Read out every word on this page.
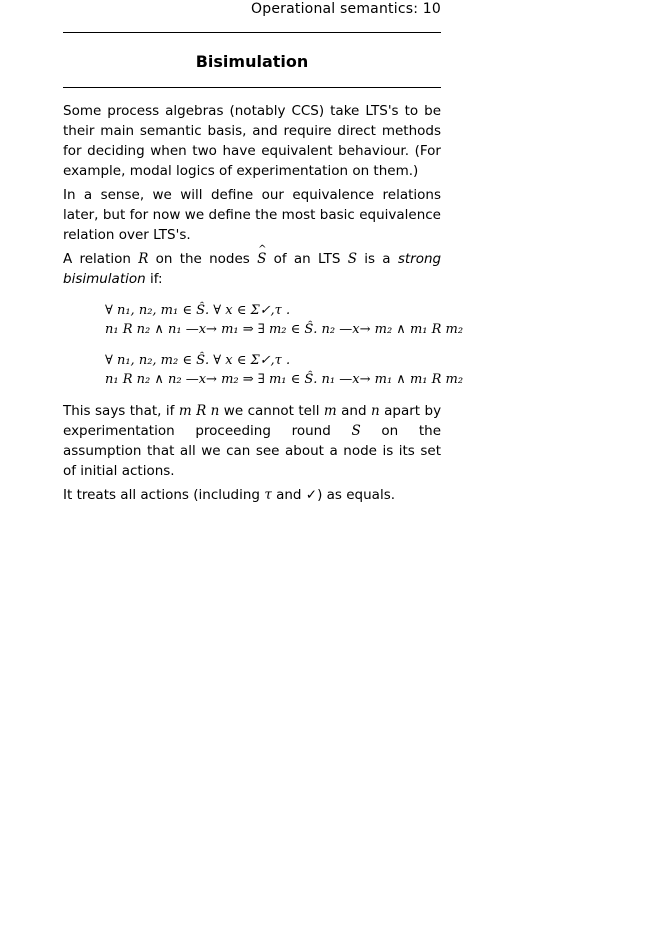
Operational semantics: 10
Bisimulation

Some process algebras (notably CCS) take LTS's to be their main semantic basis, and require direct methods for deciding when two have equivalent behaviour. (For example, modal logics of experimentation on them.)

In a sense, we will define our equivalence relations later, but for now we define the most basic equivalence relation over LTS's.

A relation R on the nodes ^ S of an LTS S is a strong bisimulation if:

∀ n₁, n₂, m₁ ∈ Ŝ. ∀ x ∈ Σ✓,τ .
n₁ R n₂ ∧ n₁ —x→ m₁ ⇒ ∃ m₂ ∈ Ŝ. n₂ —x→ m₂ ∧ m₁ R m₂
∀ n₁, n₂, m₂ ∈ Ŝ. ∀ x ∈ Σ✓,τ .
n₁ R n₂ ∧ n₂ —x→ m₂ ⇒ ∃ m₁ ∈ Ŝ. n₁ —x→ m₁ ∧ m₁ R m₂

This says that, if m R n we cannot tell m and n apart by experimentation proceeding round S on the assumption that all we can see about a node is its set of initial actions.

It treats all actions (including τ and ✓) as equals.
